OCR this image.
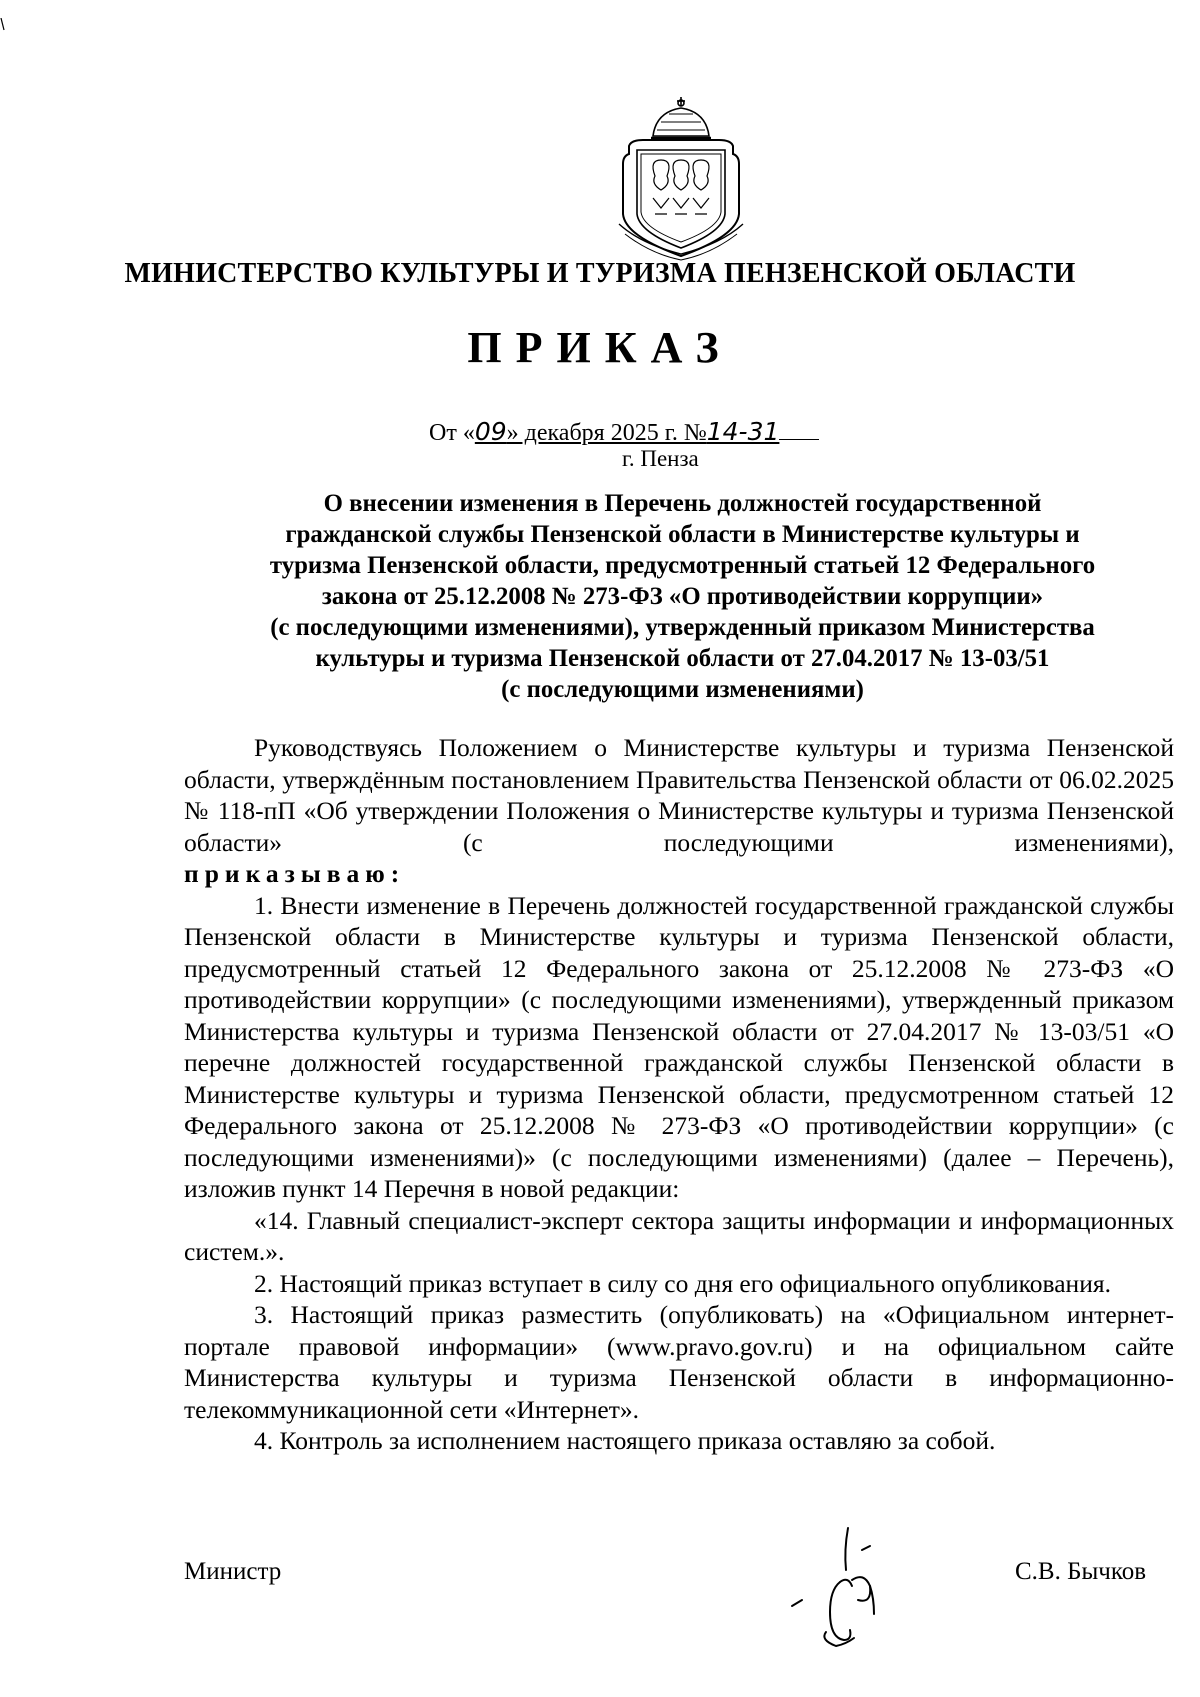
МИНИСТЕРСТВО КУЛЬТУРЫ И ТУРИЗМА ПЕНЗЕНСКОЙ ОБЛАСТИ
ПРИКАЗ
От «09» декабря 2025 г. №14-31
г. Пенза
О внесении изменения в Перечень должностей государственной
гражданской службы Пензенской области в Министерстве культуры и
туризма Пензенской области, предусмотренный статьей 12 Федерального
закона от 25.12.2008 № 273-ФЗ «О противодействии коррупции»
(с последующими изменениями), утвержденный приказом Министерства
культуры и туризма Пензенской области от 27.04.2017 № 13-03/51
(с последующими изменениями)

Руководствуясь Положением о Министерстве культуры и туризма Пензенской области, утверждённым постановлением Правительства Пензенской области от 06.02.2025 № 118-пП «Об утверждении Положения о Министерстве культуры и туризма Пензенской области» (с последующими изменениями),

приказываю:

1. Внести изменение в Перечень должностей государственной гражданской службы Пензенской области в Министерстве культуры и туризма Пензенской области, предусмотренный статьей 12 Федерального закона от 25.12.2008 № 273-ФЗ «О противодействии коррупции» (с последующими изменениями), утвержденный приказом Министерства культуры и туризма Пензенской области от 27.04.2017 № 13-03/51 «О перечне должностей государственной гражданской службы Пензенской области в Министерстве культуры и туризма Пензенской области, предусмотренном статьей 12 Федерального закона от 25.12.2008 № 273-ФЗ «О противодействии коррупции» (с последующими изменениями)» (с последующими изменениями) (далее – Перечень), изложив пункт 14 Перечня в новой редакции:

«14. Главный специалист-эксперт сектора защиты информации и информационных систем.».

2. Настоящий приказ вступает в силу со дня его официального опубликования.

3. Настоящий приказ разместить (опубликовать) на «Официальном интернет-портале правовой информации» (www.pravo.gov.ru) и на официальном сайте Министерства культуры и туризма Пензенской области в информационно-телекоммуникационной сети «Интернет».

4. Контроль за исполнением настоящего приказа оставляю за собой.

Министр	С.В. Бычков
